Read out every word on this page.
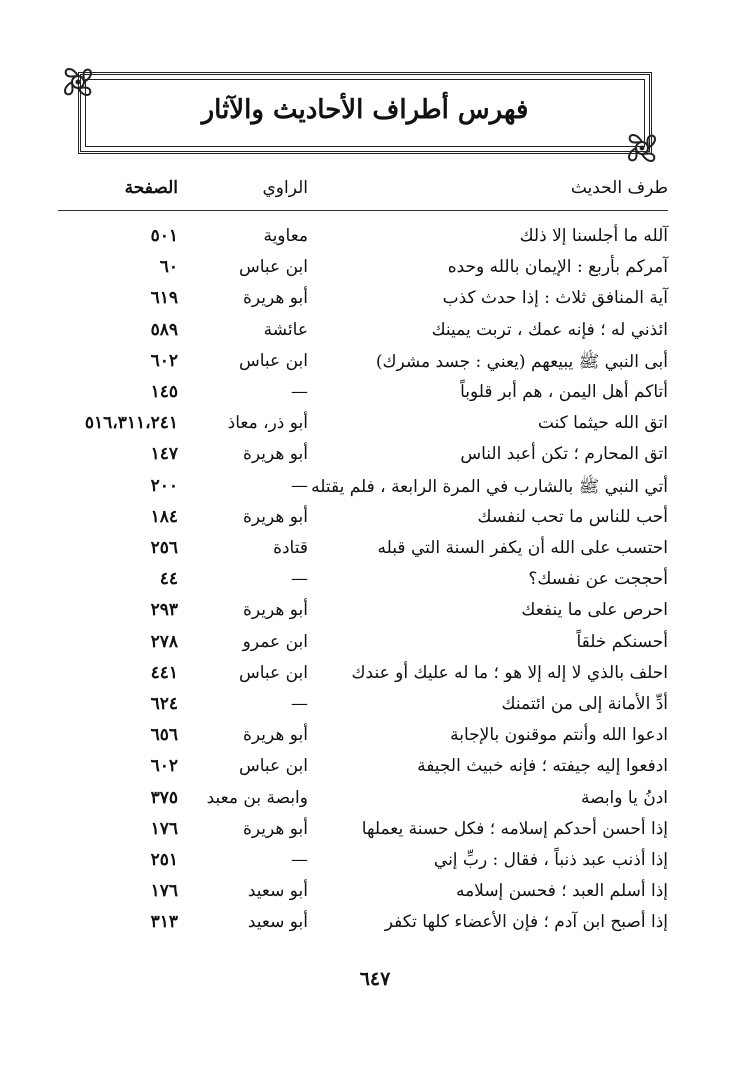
فهرس أطراف الأحاديث والآثار
طرف الحديث
الراوي
الصفحة
آلله ما أجلسنا إلا ذلك
معاوية
٥٠١
آمركم بأربع : الإيمان بالله وحده
ابن عباس
٦٠
آية المنافق ثلاث : إذا حدث كذب
أبو هريرة
٦١٩
ائذني له ؛ فإنه عمك ، تربت يمينك
عائشة
٥٨٩
أبى النبي ﷺ يبيعهم (يعني : جسد مشرك)
ابن عباس
٦٠٢
أتاكم أهل اليمن ، هم أبر قلوباً
—
١٤٥
اتق الله حيثما كنت
أبو ذر، معاذ
٥١٦،٣١١،٢٤١
اتق المحارم ؛ تكن أعبد الناس
أبو هريرة
١٤٧
أتي النبي ﷺ بالشارب في المرة الرابعة ، فلم يقتله
—
٢٠٠
أحب للناس ما تحب لنفسك
أبو هريرة
١٨٤
احتسب على الله أن يكفر السنة التي قبله
قتادة
٢٥٦
أحججت عن نفسك؟
—
٤٤
احرص على ما ينفعك
أبو هريرة
٢٩٣
أحسنكم خلقاً
ابن عمرو
٢٧٨
احلف بالذي لا إله إلا هو ؛ ما له عليك أو عندك
ابن عباس
٤٤١
أدِّ الأمانة إلى من ائتمنك
—
٦٢٤
ادعوا الله وأنتم موقنون بالإجابة
أبو هريرة
٦٥٦
ادفعوا إليه جيفته ؛ فإنه خبيث الجيفة
ابن عباس
٦٠٢
ادنُ يا وابصة
وابصة بن معبد
٣٧٥
إذا أحسن أحدكم إسلامه ؛ فكل حسنة يعملها
أبو هريرة
١٧٦
إذا أذنب عبد ذنباً ، فقال : ربِّ إني
—
٢٥١
إذا أسلم العبد ؛ فحسن إسلامه
أبو سعيد
١٧٦
إذا أصبح ابن آدم ؛ فإن الأعضاء كلها تكفر
أبو سعيد
٣١٣
٦٤٧
